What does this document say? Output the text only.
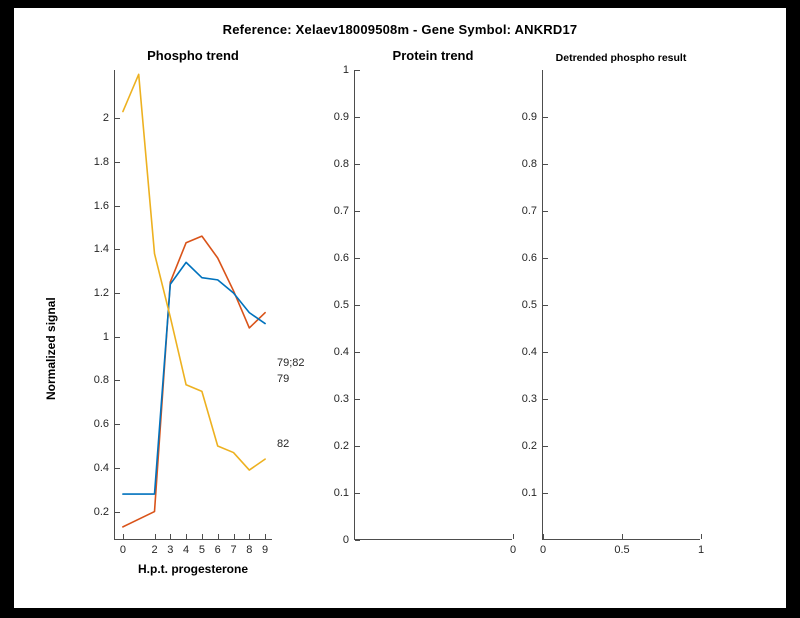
Reference: Xelaev18009508m - Gene Symbol: ANKRD17
Phospho trend
0.2
0.4
0.6
0.8
1
1.2
1.4
1.6
1.8
2
0 2 3 4 5 6 7 8 9
Normalized signal
H.p.t. progesterone
79;82
79
82
Protein trend
0
0.1
0.2
0.3
0.4
0.5
0.6
0.7
0.8
0.9
1
0
Detrended phospho result
0.1
0.2
0.3
0.4
0.5
0.6
0.7
0.8
0.9
0	0.5	1
